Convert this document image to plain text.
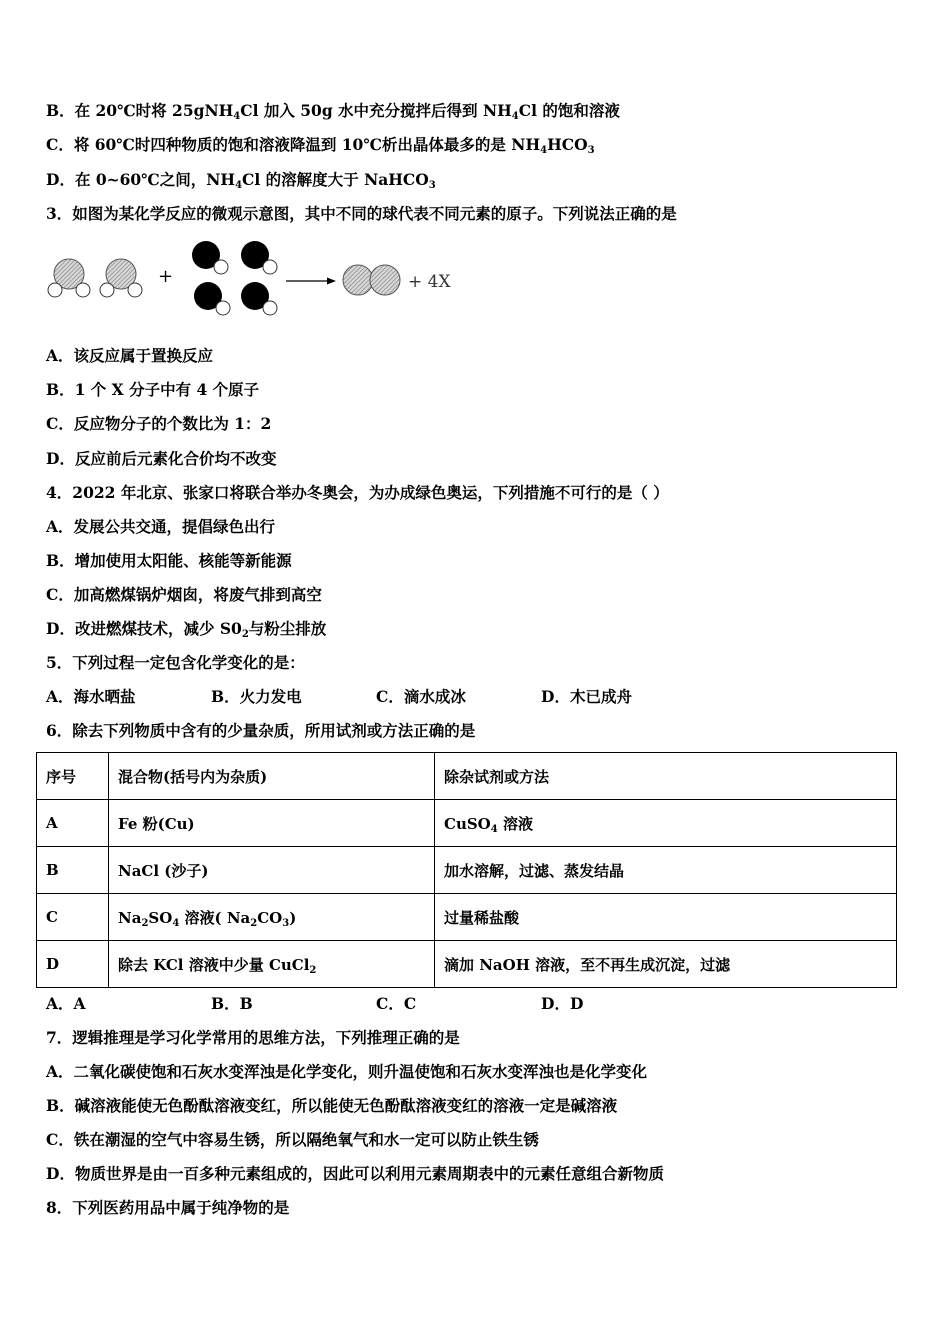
B．在 20℃时将 25gNH$_4$Cl 加入 50g 水中充分搅拌后得到 $NH_4Cl$ 的饱和溶液
C．将 60℃时四种物质的饱和溶液降温到 10℃析出晶体最多的是 $NH_4HCO_3$
D．在 0~60℃之间，$NH_4Cl$ 的溶解度大于 NaHCO$_3$
3．如图为某化学反应的微观示意图，其中不同的球代表不同元素的原子。下列说法正确的是
+	+ 4X
A．该反应属于置换反应
B．1 个 X 分子中有 4 个原子
C．反应物分子的个数比为 1：2
D．反应前后元素化合价均不改变
4．2022 年北京、张家口将联合举办冬奥会，为办成绿色奥运，下列措施不可行的是（ ）
A．发展公共交通，提倡绿色出行
B．增加使用太阳能、核能等新能源
C．加高燃煤锅炉烟囱，将废气排到高空
D．改进燃煤技术，减少 $S0_2$与粉尘排放
5．下列过程一定包含化学变化的是：
A．海水晒盐	B．火力发电	C．滴水成冰	D．木已成舟
6．除去下列物质中含有的少量杂质，所用试剂或方法正确的是
序号	混合物(括号内为杂质)	除杂试剂或方法
A	Fe 粉(Cu)	CuSO$_4$ 溶液
B	NaCl (沙子)	加水溶解，过滤、蒸发结晶
C	$Na_2SO_4$ 溶液( $Na_2CO_3$)	过量稀盐酸
D	除去 KCl 溶液中少量 CuCl$_2$	滴加 NaOH 溶液，至不再生成沉淀，过滤
A．A	B．B	C．C	D．D
7．逻辑推理是学习化学常用的思维方法，下列推理正确的是
A．二氧化碳使饱和石灰水变浑浊是化学变化，则升温使饱和石灰水变浑浊也是化学变化
B．碱溶液能使无色酚酞溶液变红，所以能使无色酚酞溶液变红的溶液一定是碱溶液
C．铁在潮湿的空气中容易生锈，所以隔绝氧气和水一定可以防止铁生锈
D．物质世界是由一百多种元素组成的，因此可以利用元素周期表中的元素任意组合新物质
8．下列医药用品中属于纯净物的是
